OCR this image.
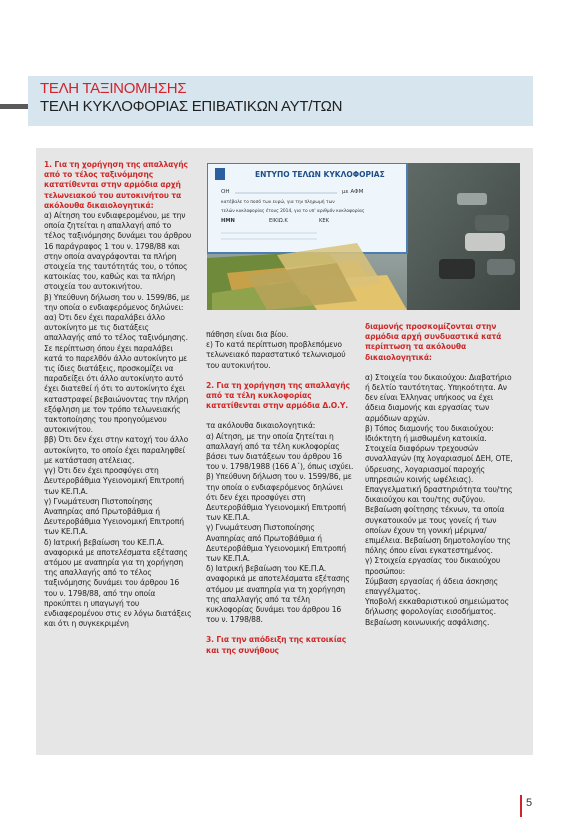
ΤΕΛΗ ΤΑΞΙΝΟΜΗΣΗΣ
ΤΕΛΗ ΚΥΚΛΟΦΟΡΙΑΣ ΕΠΙΒΑΤΙΚΩΝ ΑΥΤ/ΤΩΝ
ΕΝΤΥΠΟ ΤΕΛΩΝ ΚΥΚΛΟΦΟΡΙΑΣ
ΟΗ	με ΑΦΜ
κατέβαλε το ποσό των ευρώ, για την πληρωμή των
τελών κυκλοφορίας έτους 2014, για το υπ' αριθμόν κυκλοφορίας
ΗΜΝ	ΕΙΚΙΩ.Κ	ΚΕΚ

1. Για τη χορήγηση της απαλλαγής από το τέλος ταξινόμησης κατατίθενται στην αρμόδια αρχή τελωνειακού του αυτοκινήτου τα ακόλουθα δικαιολογητικά:

α) Αίτηση του ενδιαφερομένου, με την οποία ζητείται η απαλλαγή από το τέλος ταξινόμησης δυνάμει του άρθρου 16 παράγραφος 1 του ν. 1798/88 και στην οποία αναγράφονται τα πλήρη στοιχεία της ταυτότητάς του, ο τόπος κατοικίας του, καθώς και τα πλήρη στοιχεία του αυτοκινήτου.
β) Υπεύθυνη δήλωση του ν. 1599/86, με την οποία ο ενδιαφερόμενος δηλώνει:
αα) Ότι δεν έχει παραλάβει άλλο αυτοκίνητο με τις διατάξεις απαλλαγής από το τέλος ταξινόμησης. Σε περίπτωση όπου έχει παραλάβει κατά το παρελθόν άλλο αυτοκίνητο με τις ίδιες διατάξεις, προσκομίζει να παραδείξει ότι άλλο αυτοκίνητο αυτό έχει διατεθεί ή ότι το αυτοκίνητο έχει καταστραφεί βεβαιώνοντας την πλήρη εξόφληση με τον τρόπο τελωνειακής τακτοποίησης του προηγούμενου αυτοκινήτου.
ββ) Ότι δεν έχει στην κατοχή του άλλο αυτοκίνητο, το οποίο έχει παραληφθεί με κατάσταση ατέλειας.
γγ) Ότι δεν έχει προσφύγει στη Δευτεροβάθμια Υγειονομική Επιτροπή των ΚΕ.Π.Α.
γ) Γνωμάτευση Πιστοποίησης Αναπηρίας από Πρωτοβάθμια ή Δευτεροβάθμια Υγειονομική Επιτροπή των ΚΕ.Π.Α.
δ) Ιατρική βεβαίωση του ΚΕ.Π.Α. αναφορικά με αποτελέσματα εξέτασης ατόμου με αναπηρία για τη χορήγηση της απαλλαγής από το τέλος ταξινόμησης δυνάμει του άρθρου 16 του ν. 1798/88, από την οποία προκύπτει η υπαγωγή του ενδιαφερομένου στις εν λόγω διατάξεις και ότι η συγκεκριμένη

πάθηση είναι δια βίου.
ε) Το κατά περίπτωση προβλεπόμενο τελωνειακό παραστατικό τελωνισμού του αυτοκινήτου.

2. Για τη χορήγηση της απαλλαγής από τα τέλη κυκλοφορίας κατατίθενται στην αρμόδια Δ.Ο.Υ.

τα ακόλουθα δικαιολογητικά:
α) Αίτηση, με την οποία ζητείται η απαλλαγή από τα τέλη κυκλοφορίας βάσει των διατάξεων του άρθρου 16 του ν. 1798/1988 (166 Α΄), όπως ισχύει.
β) Υπεύθυνη δήλωση του ν. 1599/86, με την οποία ο ενδιαφερόμενος δηλώνει ότι δεν έχει προσφύγει στη Δευτεροβάθμια Υγειονομική Επιτροπή των ΚΕ.Π.Α.
γ) Γνωμάτευση Πιστοποίησης Αναπηρίας από Πρωτοβάθμια ή Δευτεροβάθμια Υγειονομική Επιτροπή των ΚΕ.Π.Α.
δ) Ιατρική βεβαίωση του ΚΕ.Π.Α. αναφορικά με αποτελέσματα εξέτασης ατόμου με αναπηρία για τη χορήγηση της απαλλαγής από τα τέλη κυκλοφορίας δυνάμει του άρθρου 16 του ν. 1798/88.

3. Για την απόδειξη της κατοικίας και της συνήθους

διαμονής προσκομίζονται στην αρμόδια αρχή συνδυαστικά κατά περίπτωση τα ακόλουθα δικαιολογητικά:

α) Στοιχεία του δικαιούχου: Διαβατήριο ή δελτίο ταυτότητας. Υπηκοότητα. Αν δεν είναι Έλληνας υπήκοος να έχει άδεια διαμονής και εργασίας των αρμόδιων αρχών.
β) Τόπος διαμονής του δικαιούχου:
Ιδιόκτητη ή μισθωμένη κατοικία. Στοιχεία διαφόρων τρεχουσών συναλλαγών (πχ λογαριασμοί ΔΕΗ, ΟΤΕ, ύδρευσης, λογαριασμοί παροχής υπηρεσιών κοινής ωφέλειας).
Επαγγελματική δραστηριότητα του/της δικαιούχου και του/της συζύγου.
Βεβαίωση φοίτησης τέκνων, τα οποία συγκατοικούν με τους γονείς ή των οποίων έχουν τη γονική μέριμνα/ επιμέλεια. Βεβαίωση δημοτολογίου της πόλης όπου είναι εγκατεστημένος.
γ) Στοιχεία εργασίας του δικαιούχου προσώπου:
Σύμβαση εργασίας ή άδεια άσκησης επαγγέλματος.
Υποβολή εκκαθαριστικού σημειώματος δήλωσης φορολογίας εισοδήματος.
Βεβαίωση κοινωνικής ασφάλισης.

5
